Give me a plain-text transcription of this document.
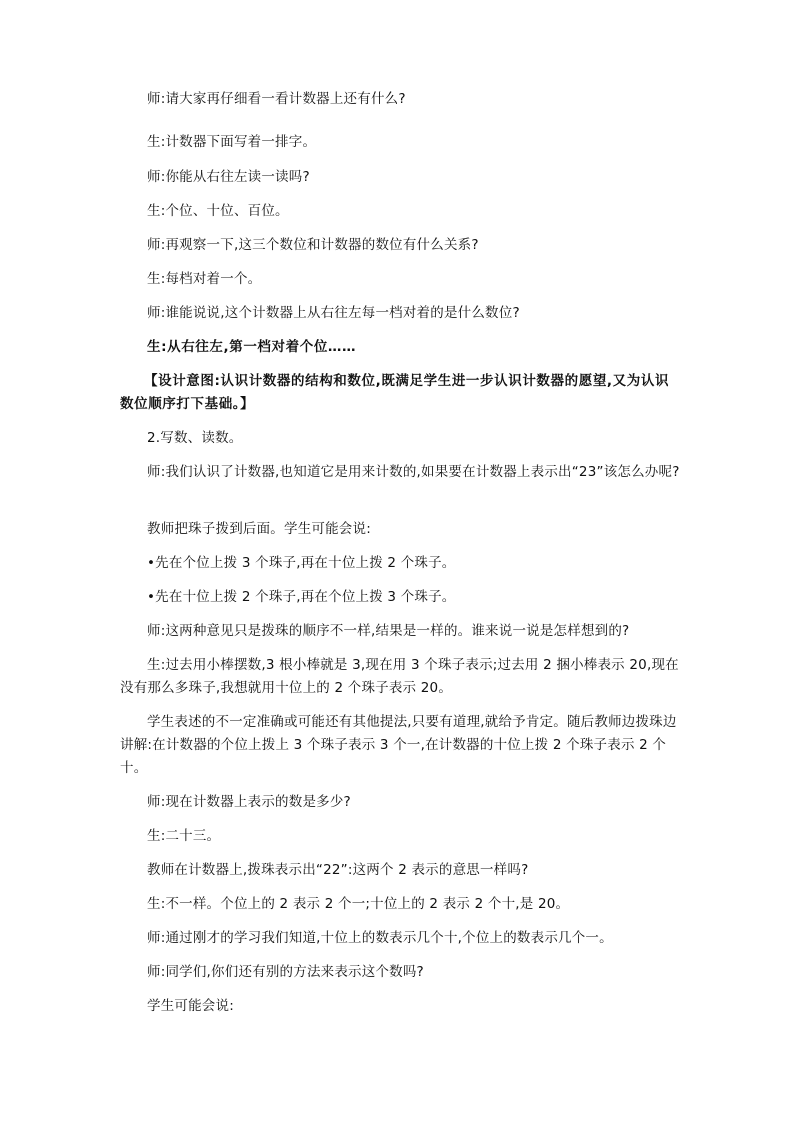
师:请大家再仔细看一看计数器上还有什么?

生:计数器下面写着一排字。

师:你能从右往左读一读吗?

生:个位、十位、百位。

师:再观察一下,这三个数位和计数器的数位有什么关系?

生:每档对着一个。

师:谁能说说,这个计数器上从右往左每一档对着的是什么数位?

生:从右往左,第一档对着个位……

【设计意图:认识计数器的结构和数位,既满足学生进一步认识计数器的愿望,又为认识数位顺序打下基础。】

2.写数、读数。

师:我们认识了计数器,也知道它是用来计数的,如果要在计数器上表示出“23”该怎么办呢?

教师把珠子拨到后面。学生可能会说:

•先在个位上拨 3 个珠子,再在十位上拨 2 个珠子。

•先在十位上拨 2 个珠子,再在个位上拨 3 个珠子。

师:这两种意见只是拨珠的顺序不一样,结果是一样的。谁来说一说是怎样想到的?

生:过去用小棒摆数,3 根小棒就是 3,现在用 3 个珠子表示;过去用 2 捆小棒表示 20,现在没有那么多珠子,我想就用十位上的 2 个珠子表示 20。

学生表述的不一定准确或可能还有其他提法,只要有道理,就给予肯定。随后教师边拨珠边讲解:在计数器的个位上拨上 3 个珠子表示 3 个一,在计数器的十位上拨 2 个珠子表示 2 个十。

师:现在计数器上表示的数是多少?

生:二十三。

教师在计数器上,拨珠表示出“22”:这两个 2 表示的意思一样吗?

生:不一样。个位上的 2 表示 2 个一;十位上的 2 表示 2 个十,是 20。

师:通过刚才的学习我们知道,十位上的数表示几个十,个位上的数表示几个一。

师:同学们,你们还有别的方法来表示这个数吗?

学生可能会说:
